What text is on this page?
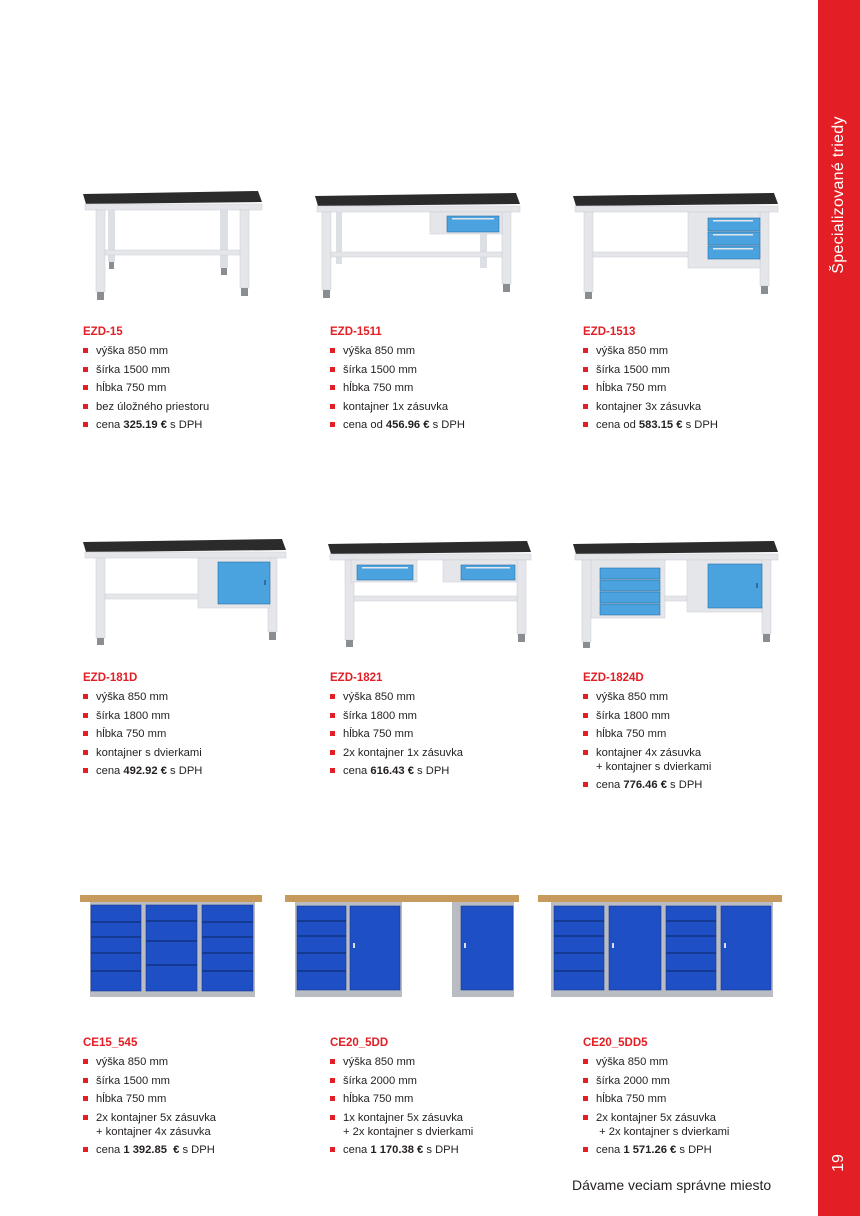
Špecializované triedy
19
EZD-15
výška 850 mm
šírka 1500 mm
hĺbka 750 mm
bez úložného priestoru
cena 325.19 € s DPH
EZD-1511
výška 850 mm
šírka 1500 mm
hĺbka 750 mm
kontajner 1x zásuvka
cena od 456.96 € s DPH
EZD-1513
výška 850 mm
šírka 1500 mm
hĺbka 750 mm
kontajner 3x zásuvka
cena od 583.15 € s DPH
EZD-181D
výška 850 mm
šírka 1800 mm
hĺbka 750 mm
kontajner s dvierkami
cena 492.92 € s DPH
EZD-1821
výška 850 mm
šírka 1800 mm
hĺbka 750 mm
2x kontajner 1x zásuvka
cena 616.43 € s DPH
EZD-1824D
výška 850 mm
šírka 1800 mm
hĺbka 750 mm
kontajner 4x zásuvka
+ kontajner s dvierkami
cena 776.46 € s DPH
CE15_545
výška 850 mm
šírka 1500 mm
hĺbka 750 mm
2x kontajner 5x zásuvka
+ kontajner 4x zásuvka
cena 1 392.85  € s DPH
CE20_5DD
výška 850 mm
šírka 2000 mm
hĺbka 750 mm
1x kontajner 5x zásuvka
+ 2x kontajner s dvierkami
cena 1 170.38 € s DPH
CE20_5DD5
výška 850 mm
šírka 2000 mm
hĺbka 750 mm
2x kontajner 5x zásuvka
+ 2x kontajner s dvierkami
cena 1 571.26 € s DPH
Dávame veciam správne miesto
